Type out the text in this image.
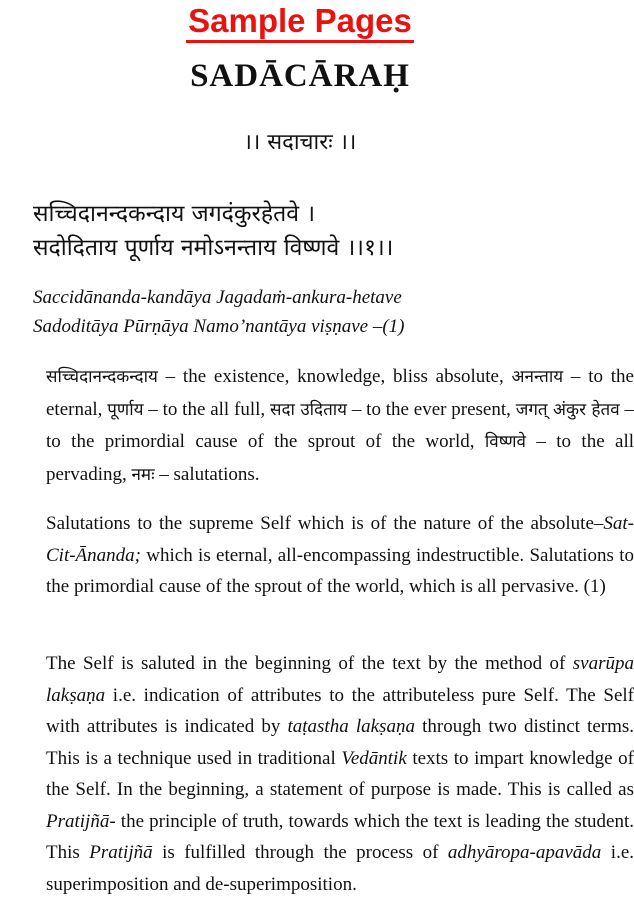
Sample Pages
SADĀCĀRAḤ
।। सदाचारः ।।
सच्चिदानन्दकन्दाय जगदंकुरहेतवे ।
सदोदिताय पूर्णाय नमोऽनन्ताय विष्णवे ।।१।।
Saccidānanda-kandāya Jagadaṁ-ankura-hetave
Sadoditāya Pūrṇāya Namo’nantāya viṣṇave –(1)

सच्चिदानन्दकन्दाय – the existence, knowledge, bliss absolute, अनन्ताय – to the eternal, पूर्णाय – to the all full, सदा उदिताय – to the ever present, जगत् अंकुर हेतव – to the primordial cause of the sprout of the world, विष्णवे – to the all pervading, नमः – salutations.

Salutations to the supreme Self which is of the nature of the absolute–Sat-Cit-Ānanda; which is eternal, all-encompassing indestructible. Salutations to the primordial cause of the sprout of the world, which is all pervasive. (1)

The Self is saluted in the beginning of the text by the method of svarūpa lakṣaṇa i.e. indication of attributes to the attributeless pure Self. The Self with attributes is indicated by taṭastha lakṣaṇa through two distinct terms. This is a technique used in traditional Vedāntik texts to impart knowledge of the Self. In the beginning, a statement of purpose is made. This is called as Pratijñā- the principle of truth, towards which the text is leading the student. This Pratijñā is fulfilled through the process of adhyāropa-apavāda i.e. superimposition and de-superimposition.
